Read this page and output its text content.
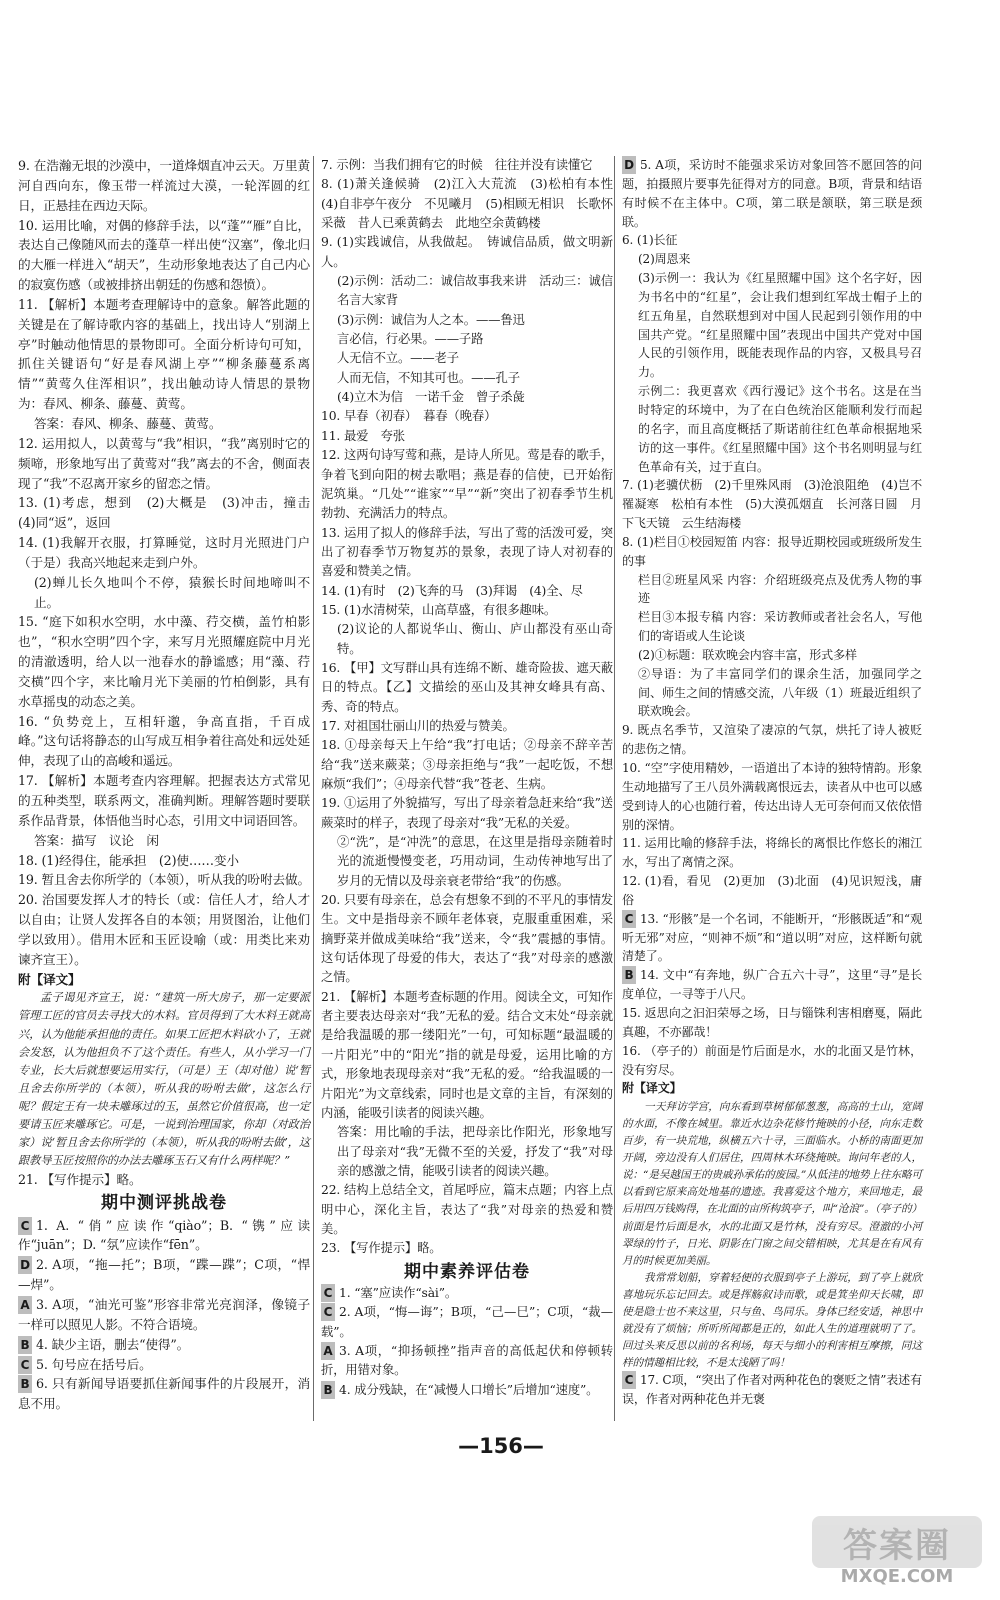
9. 在浩瀚无垠的沙漠中，一道烽烟直冲云天。万里黄河自西向东，像玉带一样流过大漠，一轮浑圆的红日，正悬挂在西边天际。

10. 运用比喻，对偶的修辞手法，以“蓬”“雁”自比，表达自己像随风而去的蓬草一样出使“汉塞”，像北归的大雁一样进入“胡天”，生动形象地表达了自己内心的寂寞伤感（或被排挤出朝廷的伤感和怨愤）。

11. 【解析】本题考查理解诗中的意象。解答此题的关键是在了解诗歌内容的基础上，找出诗人“别湖上亭”时触动他情思的景物即可。全面分析诗句可知，抓住关键语句“好是春风湖上亭”“柳条藤蔓系离情”“黄莺久住浑相识”，找出触动诗人情思的景物为：春风、柳条、藤蔓、黄莺。

答案：春风、柳条、藤蔓、黄莺。

12. 运用拟人，以黄莺与“我”相识，“我”离别时它的频啼，形象地写出了黄莺对“我”离去的不舍，侧面表现了“我”不忍离开家乡的留恋之情。

13. (1)考虑，想到　(2)大概是　(3)冲击，撞击　(4)同“返”，返回

14. (1)我解开衣服，打算睡觉，这时月光照进门户（于是）我高兴地起来走到户外。

(2)蝉儿长久地叫个不停，猿猴长时间地啼叫不止。

15. “庭下如积水空明，水中藻、荇交横，盖竹柏影也”，“积水空明”四个字，来写月光照耀庭院中月光的清澈透明，给人以一池春水的静谧感；用“藻、荇交横”四个字，来比喻月光下美丽的竹柏倒影，具有水草摇曳的动态之美。

16. “负势竞上，互相轩邈，争高直指，千百成峰。”这句话将静态的山写成互相争着往高处和远处延伸，表现了山的高峻和遥远。

17. 【解析】本题考查内容理解。把握表达方式常见的五种类型，联系两文，准确判断。理解答题时要联系作品背景，体悟他当时心态，引用文中词语回答。

答案：描写　议论　闲

18. (1)经得住，能承担　(2)使……变小

19. 暂且舍去你所学的（本领），听从我的吩咐去做。

20. 治国要发挥人才的特长（或：信任人才，给人才以自由；让贤人发挥各自的本领；用贤图治，让他们学以致用）。借用木匠和玉匠设喻（或：用类比来劝谏齐宣王）。

附【译文】

孟子谒见齐宣王，说：“建筑一所大房子，那一定要派管理工匠的官员去寻找大的木料。官员得到了大木料王就高兴，认为他能承担他的责任。如果工匠把木料砍小了，王就会发怒，认为他担负不了这个责任。有些人，从小学习一门专业，长大后就想要运用实行，（可是）王（却对他）说‘暂且舍去你所学的（本领），听从我的吩咐去做’，这怎么行呢？假定王有一块未雕琢过的玉，虽然它价值很高，也一定要请玉匠来雕琢它。可是，一说到治理国家，你却（对政治家）说‘暂且舍去你所学的（本领），听从我的吩咐去做’，这跟教导玉匠按照你的办法去雕琢玉石又有什么两样呢？”

21. 【写作提示】略。

期中测评挑战卷

C 1. A. “俏”应读作“qiào”；B. “镌”应读作“juān”；D. “氛”应读作“fēn”。

D 2. A项，“拖—托”；B项，“蹀—蹀”；C项，“悍—焊”。

A 3. A项，“油光可鉴”形容非常光亮润泽，像镜子一样可以照见人影。不符合语境。

B 4. 缺少主语，删去“使得”。

C 5. 句号应在括号后。

B 6. 只有新闻导语要抓住新闻事件的片段展开，消息不用。

7. 示例：当我们拥有它的时候　往往并没有读懂它

8. (1)萧关逢候骑　(2)江入大荒流　(3)松柏有本性　(4)自非亭午夜分　不见曦月　(5)相顾无相识　长歌怀采薇　昔人已乘黄鹤去　此地空余黄鹤楼

9. (1)实践诚信，从我做起。　铸诚信品质，做文明新人。

(2)示例：活动二：诚信故事我来讲　活动三：诚信名言大家背

(3)示例：诚信为人之本。——鲁迅

言必信，行必果。——子路

人无信不立。——老子

人而无信，不知其可也。——孔子

(4)立木为信　一诺千金　曾子杀彘

10. 早春（初春）　暮春（晚春）

11. 最爱　夸张

12. 这两句诗写莺和燕，是诗人所见。莺是春的歌手，争着飞到向阳的树去歌唱；燕是春的信使，已开始衔泥筑巢。“几处”“谁家”“早”“新”突出了初春季节生机勃勃、充满活力的特点。

13. 运用了拟人的修辞手法，写出了莺的活泼可爱，突出了初春季节万物复苏的景象，表现了诗人对初春的喜爱和赞美之情。

14. (1)有时　(2)飞奔的马　(3)拜谒　(4)全、尽

15. (1)水清树荣，山高草盛，有很多趣味。

(2)议论的人都说华山、衡山、庐山都没有巫山奇特。

16. 【甲】文写群山具有连绵不断、雄奇险拔、遮天蔽日的特点。【乙】文描绘的巫山及其神女峰具有高、秀、奇的特点。

17. 对祖国壮丽山川的热爱与赞美。

18. ①母亲每天上午给“我”打电话；②母亲不辞辛苦给“我”送来蕨菜；③母亲拒绝与“我”一起吃饭，不想麻烦“我们”；④母亲代替“我”苍老、生病。

19. ①运用了外貌描写，写出了母亲着急赶来给“我”送蕨菜时的样子，表现了母亲对“我”无私的关爱。

②“洗”，是“冲洗”的意思，在这里是指母亲随着时光的流逝慢慢变老，巧用动词，生动传神地写出了岁月的无情以及母亲衰老带给“我”的伤感。

20. 只要有母亲在，总会有想象不到的不平凡的事情发生。文中是指母亲不顾年老体衰，克服重重困难，采摘野菜并做成美味给“我”送来，令“我”震撼的事情。这句话体现了母爱的伟大，表达了“我”对母亲的感激之情。

21. 【解析】本题考查标题的作用。阅读全文，可知作者主要表达母亲对“我”无私的爱。结合文末处“母亲就是给我温暖的那一缕阳光”一句，可知标题“最温暖的一片阳光”中的“阳光”指的就是母爱，运用比喻的方式，形象地表现母亲对“我”无私的爱。“给我温暖的一片阳光”为文章线索，同时也是文章的主旨，有深刻的内涵，能吸引读者的阅读兴趣。

答案：用比喻的手法，把母亲比作阳光，形象地写出了母亲对“我”无微不至的关爱，抒发了“我”对母亲的感激之情，能吸引读者的阅读兴趣。

22. 结构上总结全文，首尾呼应，篇末点题；内容上点明中心，深化主旨，表达了“我”对母亲的热爱和赞美。

23. 【写作提示】略。

期中素养评估卷

C 1. “塞”应读作“sài”。

C 2. A项，“悔—诲”；B项，“己—巳”；C项，“裁—载”。

A 3. A项，“抑扬顿挫”指声音的高低起伏和停顿转折，用错对象。

B 4. 成分残缺，在“减慢人口增长”后增加“速度”。

D 5. A项，采访时不能强求采访对象回答不愿回答的问题，拍摄照片要事先征得对方的同意。B项，背景和结语有时候不在主体中。C项，第二联是颔联，第三联是颈联。

6. (1)长征

(2)周恩来

(3)示例一：我认为《红星照耀中国》这个名字好，因为书名中的“红星”，会让我们想到红军战士帽子上的红五角星，自然联想到对中国人民起到引领作用的中国共产党。“红星照耀中国”表现出中国共产党对中国人民的引领作用，既能表现作品的内容，又极具号召力。

示例二：我更喜欢《西行漫记》这个书名。这是在当时特定的环境中，为了在白色统治区能顺利发行而起的名字，而且高度概括了斯诺前往红色革命根据地采访的这一事件。《红星照耀中国》这个书名则明显与红色革命有关，过于直白。

7. (1)老骥伏枥　(2)千里殊风雨　(3)沧浪阻绝　(4)岂不罹凝寒　松柏有本性　(5)大漠孤烟直　长河落日圆　月下飞天镜　云生结海楼

8. (1)栏目①校园短笛 内容：报导近期校园或班级所发生的事

栏目②班星风采 内容：介绍班级亮点及优秀人物的事迹

栏目③本报专稿 内容：采访教师或者社会名人，写他们的寄语或人生论谈

(2)①标题：联欢晚会内容丰富，形式多样

②导语：为了丰富同学们的课余生活，加强同学之间、师生之间的情感交流，八年级（1）班最近组织了联欢晚会。

9. 既点名季节，又渲染了凄凉的气氛，烘托了诗人被贬的悲伤之情。

10. “空”字使用精妙，一语道出了本诗的独特情韵。形象生动地描写了王八员外满载离恨远去，读者从中也可以感受到诗人的心也随行着，传达出诗人无可奈何而又依依惜别的深情。

11. 运用比喻的修辞手法，将绵长的离恨比作悠长的湘江水，写出了离情之深。

12. (1)看，看见　(2)更加　(3)北面　(4)见识短浅，庸俗

C 13. “形骸”是一个名词，不能断开，“形骸既适”和“观听无邪”对应，“则神不烦”和“道以明”对应，这样断句就清楚了。

B 14. 文中“有奔地，纵广合五六十寻”，这里“寻”是长度单位，一寻等于八尺。

15. 返思向之汩汩荣辱之场，日与锱铢利害相磨戛，隔此真趣，不亦鄙哉！

16. （亭子的）前面是竹后面是水，水的北面又是竹林，没有穷尽。

附【译文】

一天拜访学宫，向东看到草树郁郁葱葱，高高的土山，宽阔的水面，不像在城里。靠近水边杂花修竹掩映的小径，向东走数百步，有一块荒地，纵横五六十寻，三面临水。小桥的南面更加开阔，旁边没有人们居住，四周林木环绕掩映。询问年老的人，说：“是吴越国王的贵戚孙承佑的废园。”从低洼的地势上往东略可以看到它原来高处地基的遗迹。我喜爱这个地方，来回地走，最后用四万钱购得，在北面的亩所构筑亭子，叫“沧浪”。（亭子的）前面是竹后面是水，水的北面又是竹林，没有穷尽。澄澈的小河翠绿的竹子，日光、阴影在门窗之间交错相映，尤其是在有风有月的时候更加美丽。

我常常划船，穿着轻便的衣服到亭子上游玩，到了亭上就欣喜地玩乐忘记回去。或是挥觞叙诗而歌，或是箕坐仰天长啸，即使是隐士也不来这里，只与鱼、鸟同乐。身体已经安适，神思中就没有了烦恼；所听所闻都是正的，如此人生的道理就明了了。回过头来反思以前的名利场，每天与细小的利害相互摩擦，同这样的情趣相比较，不是太浅陋了吗！

C 17. C项，“突出了作者对两种花色的褒贬之情”表述有误，作者对两种花色并无褒

—156—
答案圈
MXQE.COM
